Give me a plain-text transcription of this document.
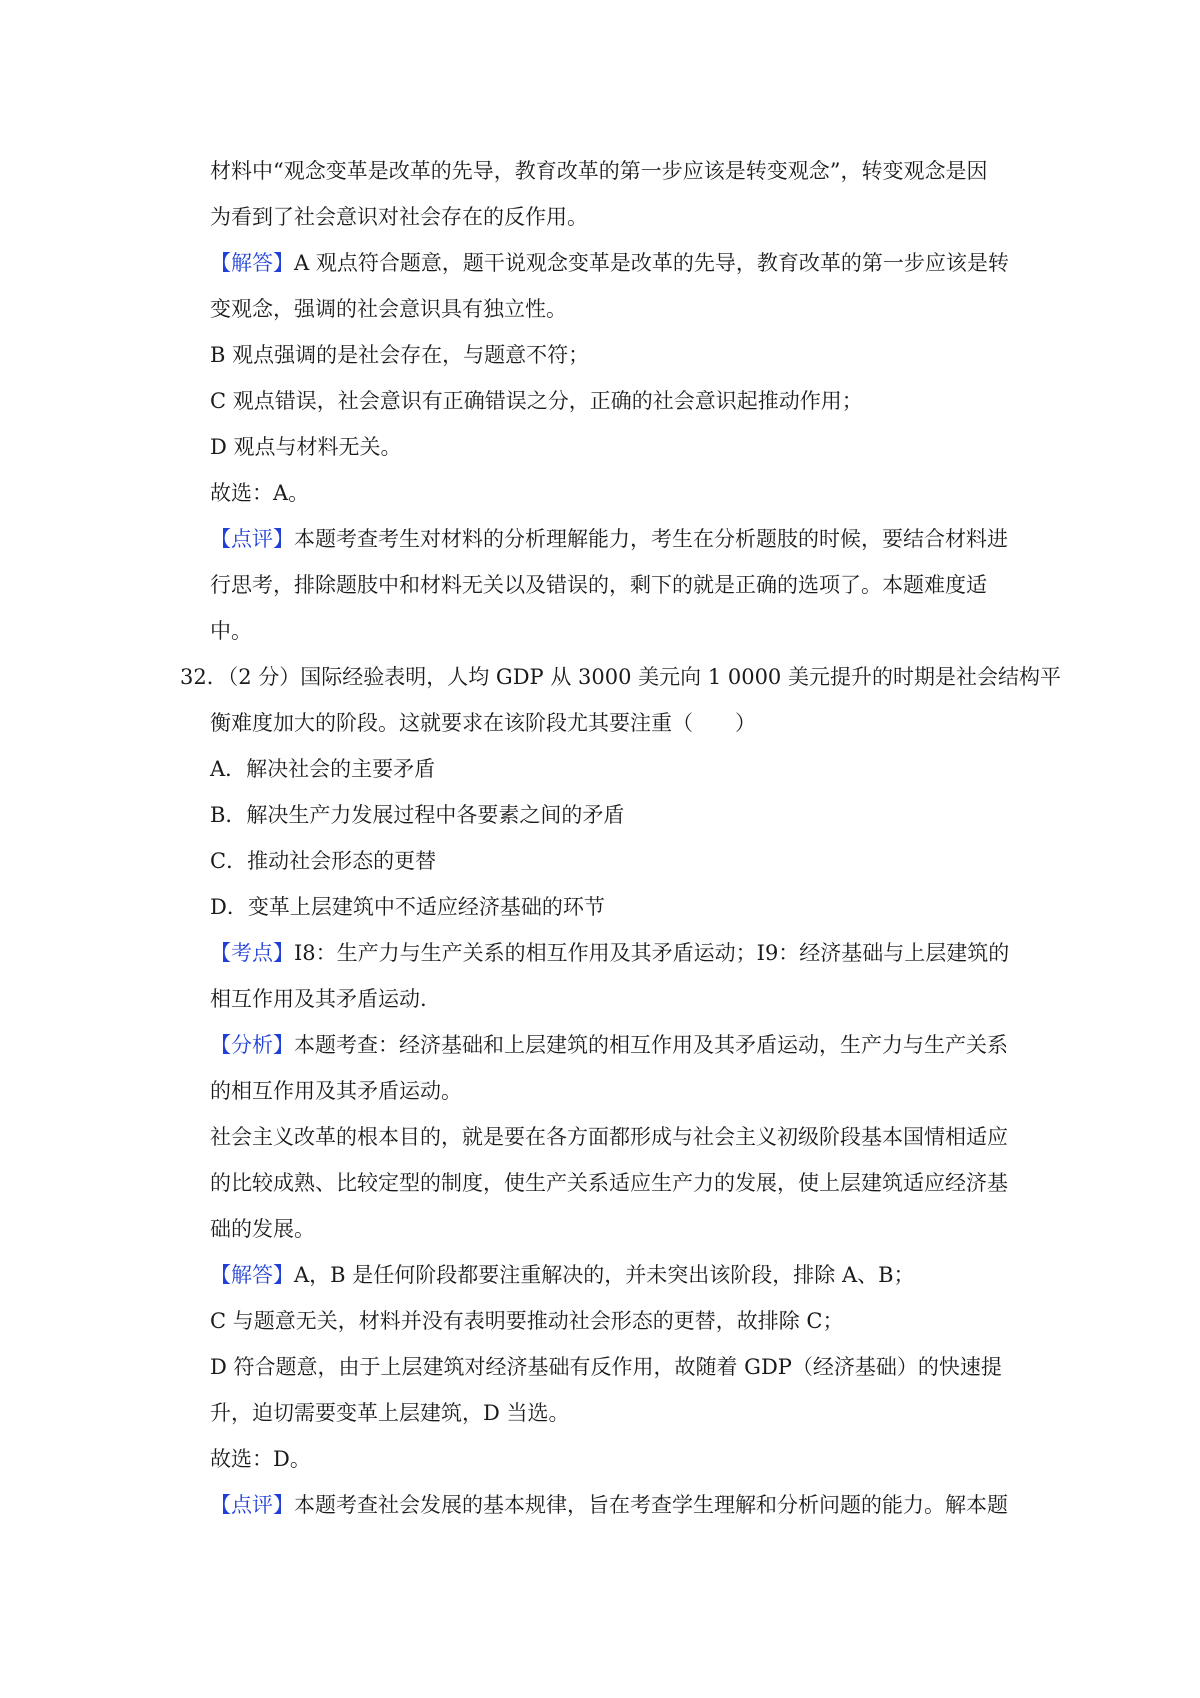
材料中“观念变革是改革的先导，教育改革的第一步应该是转变观念”，转变观念是因
为看到了社会意识对社会存在的反作用。
【解答】A 观点符合题意，题干说观念变革是改革的先导，教育改革的第一步应该是转
变观念，强调的社会意识具有独立性。
B 观点强调的是社会存在，与题意不符；
C 观点错误，社会意识有正确错误之分，正确的社会意识起推动作用；
D 观点与材料无关。
故选：A。
【点评】本题考查考生对材料的分析理解能力，考生在分析题肢的时候，要结合材料进
行思考，排除题肢中和材料无关以及错误的，剩下的就是正确的选项了。本题难度适
中。
32．（2 分）国际经验表明，人均 GDP 从 3000 美元向 1 0000 美元提升的时期是社会结构平
衡难度加大的阶段。这就要求在该阶段尤其要注重（　　）
A．解决社会的主要矛盾
B．解决生产力发展过程中各要素之间的矛盾
C．推动社会形态的更替
D．变革上层建筑中不适应经济基础的环节
【考点】I8：生产力与生产关系的相互作用及其矛盾运动；I9：经济基础与上层建筑的
相互作用及其矛盾运动.
【分析】本题考查：经济基础和上层建筑的相互作用及其矛盾运动，生产力与生产关系
的相互作用及其矛盾运动。
社会主义改革的根本目的，就是要在各方面都形成与社会主义初级阶段基本国情相适应
的比较成熟、比较定型的制度，使生产关系适应生产力的发展，使上层建筑适应经济基
础的发展。
【解答】A，B 是任何阶段都要注重解决的，并未突出该阶段，排除 A、B；
C 与题意无关，材料并没有表明要推动社会形态的更替，故排除 C；
D 符合题意，由于上层建筑对经济基础有反作用，故随着 GDP（经济基础）的快速提
升，迫切需要变革上层建筑，D 当选。
故选：D。
【点评】本题考查社会发展的基本规律，旨在考查学生理解和分析问题的能力。解本题
